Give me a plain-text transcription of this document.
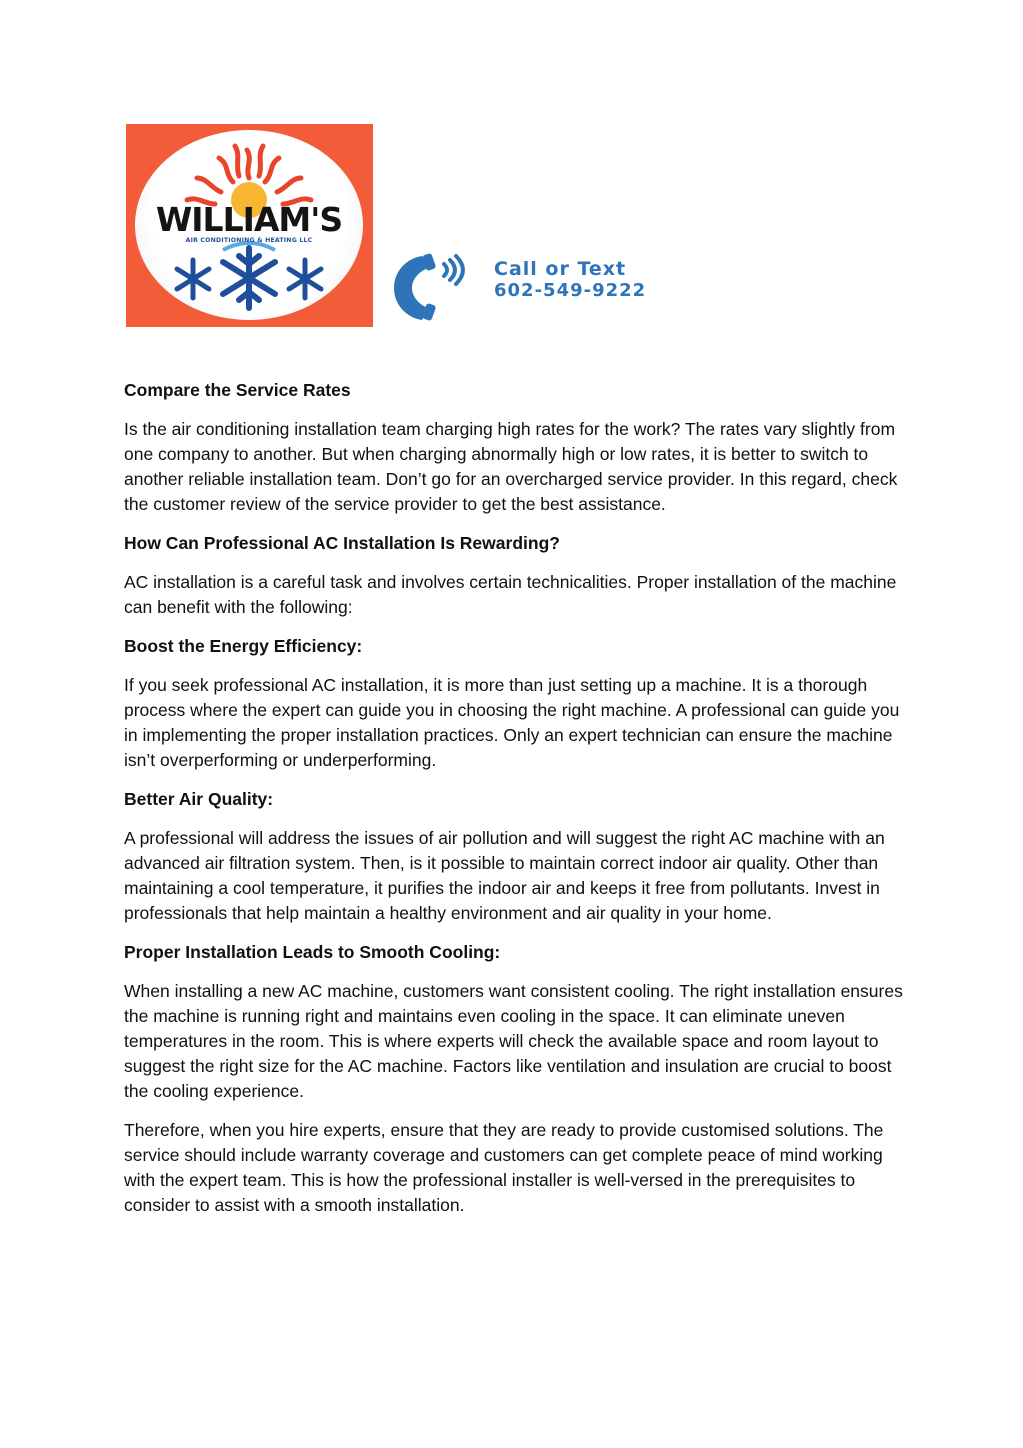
WILLIAM'S
AIR CONDITIONING & HEATING LLC
Call or Text
602-549-9222
Compare the Service Rates

Is the air conditioning installation team charging high rates for the work? The rates vary slightly from one company to another. But when charging abnormally high or low rates, it is better to switch to another reliable installation team. Don’t go for an overcharged service provider. In this regard, check the customer review of the service provider to get the best assistance.

How Can Professional AC Installation Is Rewarding?

AC installation is a careful task and involves certain technicalities. Proper installation of the machine can benefit with the following:

Boost the Energy Efficiency:

If you seek professional AC installation, it is more than just setting up a machine. It is a thorough process where the expert can guide you in choosing the right machine. A professional can guide you in implementing the proper installation practices. Only an expert technician can ensure the machine isn’t overperforming or underperforming.

Better Air Quality:

A professional will address the issues of air pollution and will suggest the right AC machine with an advanced air filtration system. Then, is it possible to maintain correct indoor air quality. Other than maintaining a cool temperature, it purifies the indoor air and keeps it free from pollutants. Invest in professionals that help maintain a healthy environment and air quality in your home.

Proper Installation Leads to Smooth Cooling:

When installing a new AC machine, customers want consistent cooling. The right installation ensures the machine is running right and maintains even cooling in the space. It can eliminate uneven temperatures in the room. This is where experts will check the available space and room layout to suggest the right size for the AC machine. Factors like ventilation and insulation are crucial to boost the cooling experience.

Therefore, when you hire experts, ensure that they are ready to provide customised solutions. The service should include warranty coverage and customers can get complete peace of mind working with the expert team. This is how the professional installer is well-versed in the prerequisites to consider to assist with a smooth installation.
